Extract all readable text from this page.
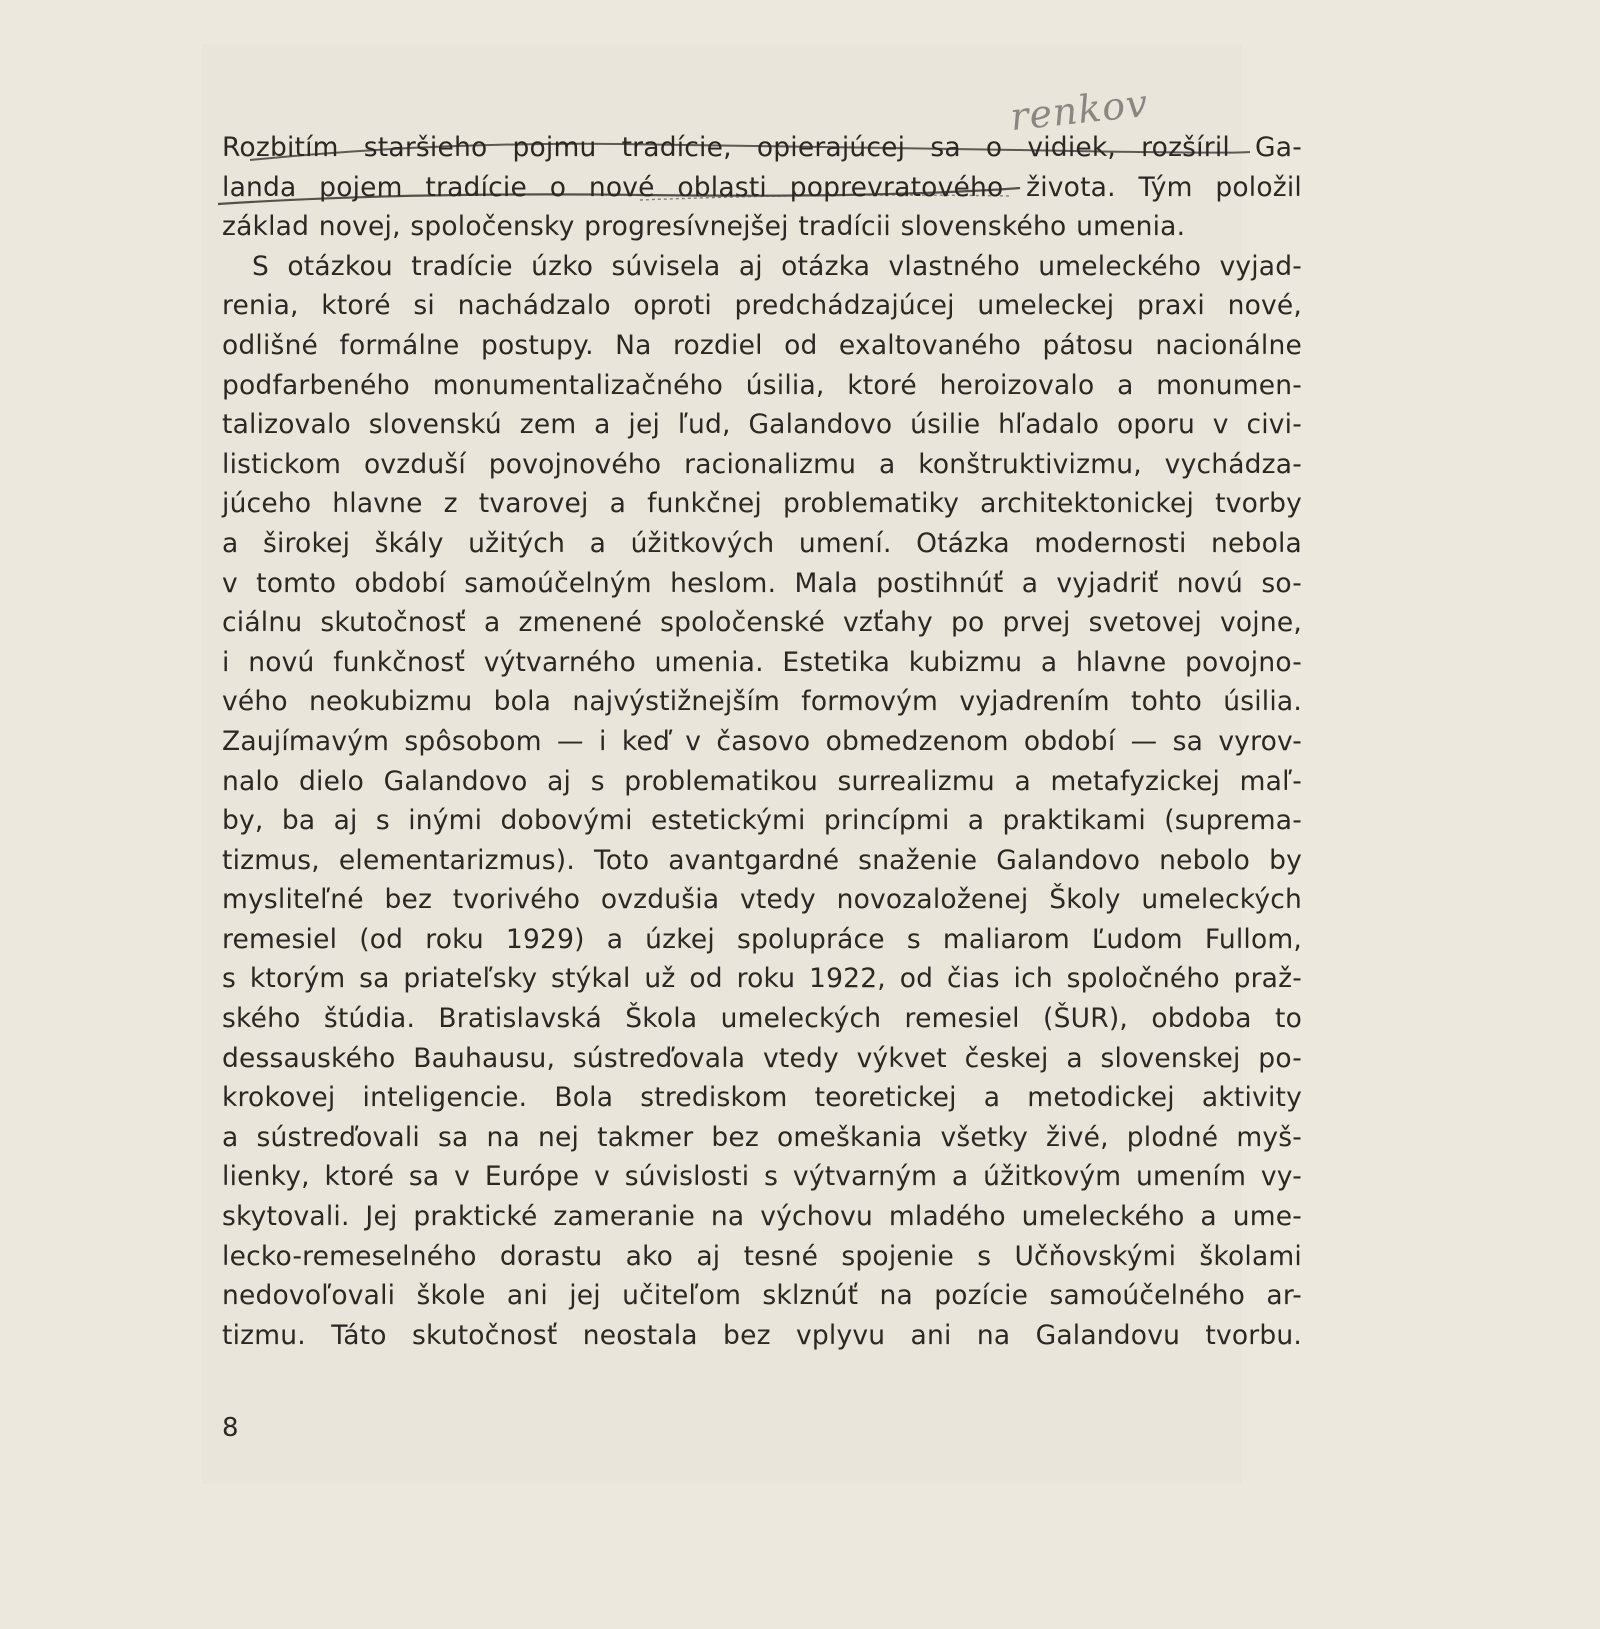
renkov
Rozbitím staršieho pojmu tradície, opierajúcej sa o vidiek, rozšíril Ga-
landa pojem tradície o nové oblasti poprevratového života. Tým položil
základ novej, spoločensky progresívnejšej tradícii slovenského umenia.
S otázkou tradície úzko súvisela aj otázka vlastného umeleckého vyjad-
renia, ktoré si nachádzalo oproti predchádzajúcej umeleckej praxi nové,
odlišné formálne postupy. Na rozdiel od exaltovaného pátosu nacionálne
podfarbeného monumentalizačného úsilia, ktoré heroizovalo a monumen-
talizovalo slovenskú zem a jej ľud, Galandovo úsilie hľadalo oporu v civi-
listickom ovzduší povojnového racionalizmu a konštruktivizmu, vychádza-
júceho hlavne z tvarovej a funkčnej problematiky architektonickej tvorby
a širokej škály užitých a úžitkových umení. Otázka modernosti nebola
v tomto období samoúčelným heslom. Mala postihnúť a vyjadriť novú so-
ciálnu skutočnosť a zmenené spoločenské vzťahy po prvej svetovej vojne,
i novú funkčnosť výtvarného umenia. Estetika kubizmu a hlavne povojno-
vého neokubizmu bola najvýstižnejším formovým vyjadrením tohto úsilia.
Zaujímavým spôsobom — i keď v časovo obmedzenom období — sa vyrov-
nalo dielo Galandovo aj s problematikou surrealizmu a metafyzickej maľ-
by, ba aj s inými dobovými estetickými princípmi a praktikami (suprema-
tizmus, elementarizmus). Toto avantgardné snaženie Galandovo nebolo by
mysliteľné bez tvorivého ovzdušia vtedy novozaloženej Školy umeleckých
remesiel (od roku 1929) a úzkej spolupráce s maliarom Ľudom Fullom,
s ktorým sa priateľsky stýkal už od roku 1922, od čias ich spoločného praž-
ského štúdia. Bratislavská Škola umeleckých remesiel (ŠUR), obdoba to
dessauského Bauhausu, sústreďovala vtedy výkvet českej a slovenskej po-
krokovej inteligencie. Bola strediskom teoretickej a metodickej aktivity
a sústreďovali sa na nej takmer bez omeškania všetky živé, plodné myš-
lienky, ktoré sa v Európe v súvislosti s výtvarným a úžitkovým umením vy-
skytovali. Jej praktické zameranie na výchovu mladého umeleckého a ume-
lecko-remeselného dorastu ako aj tesné spojenie s Učňovskými školami
nedovoľovali škole ani jej učiteľom sklznúť na pozície samoúčelného ar-
tizmu. Táto skutočnosť neostala bez vplyvu ani na Galandovu tvorbu.
8
